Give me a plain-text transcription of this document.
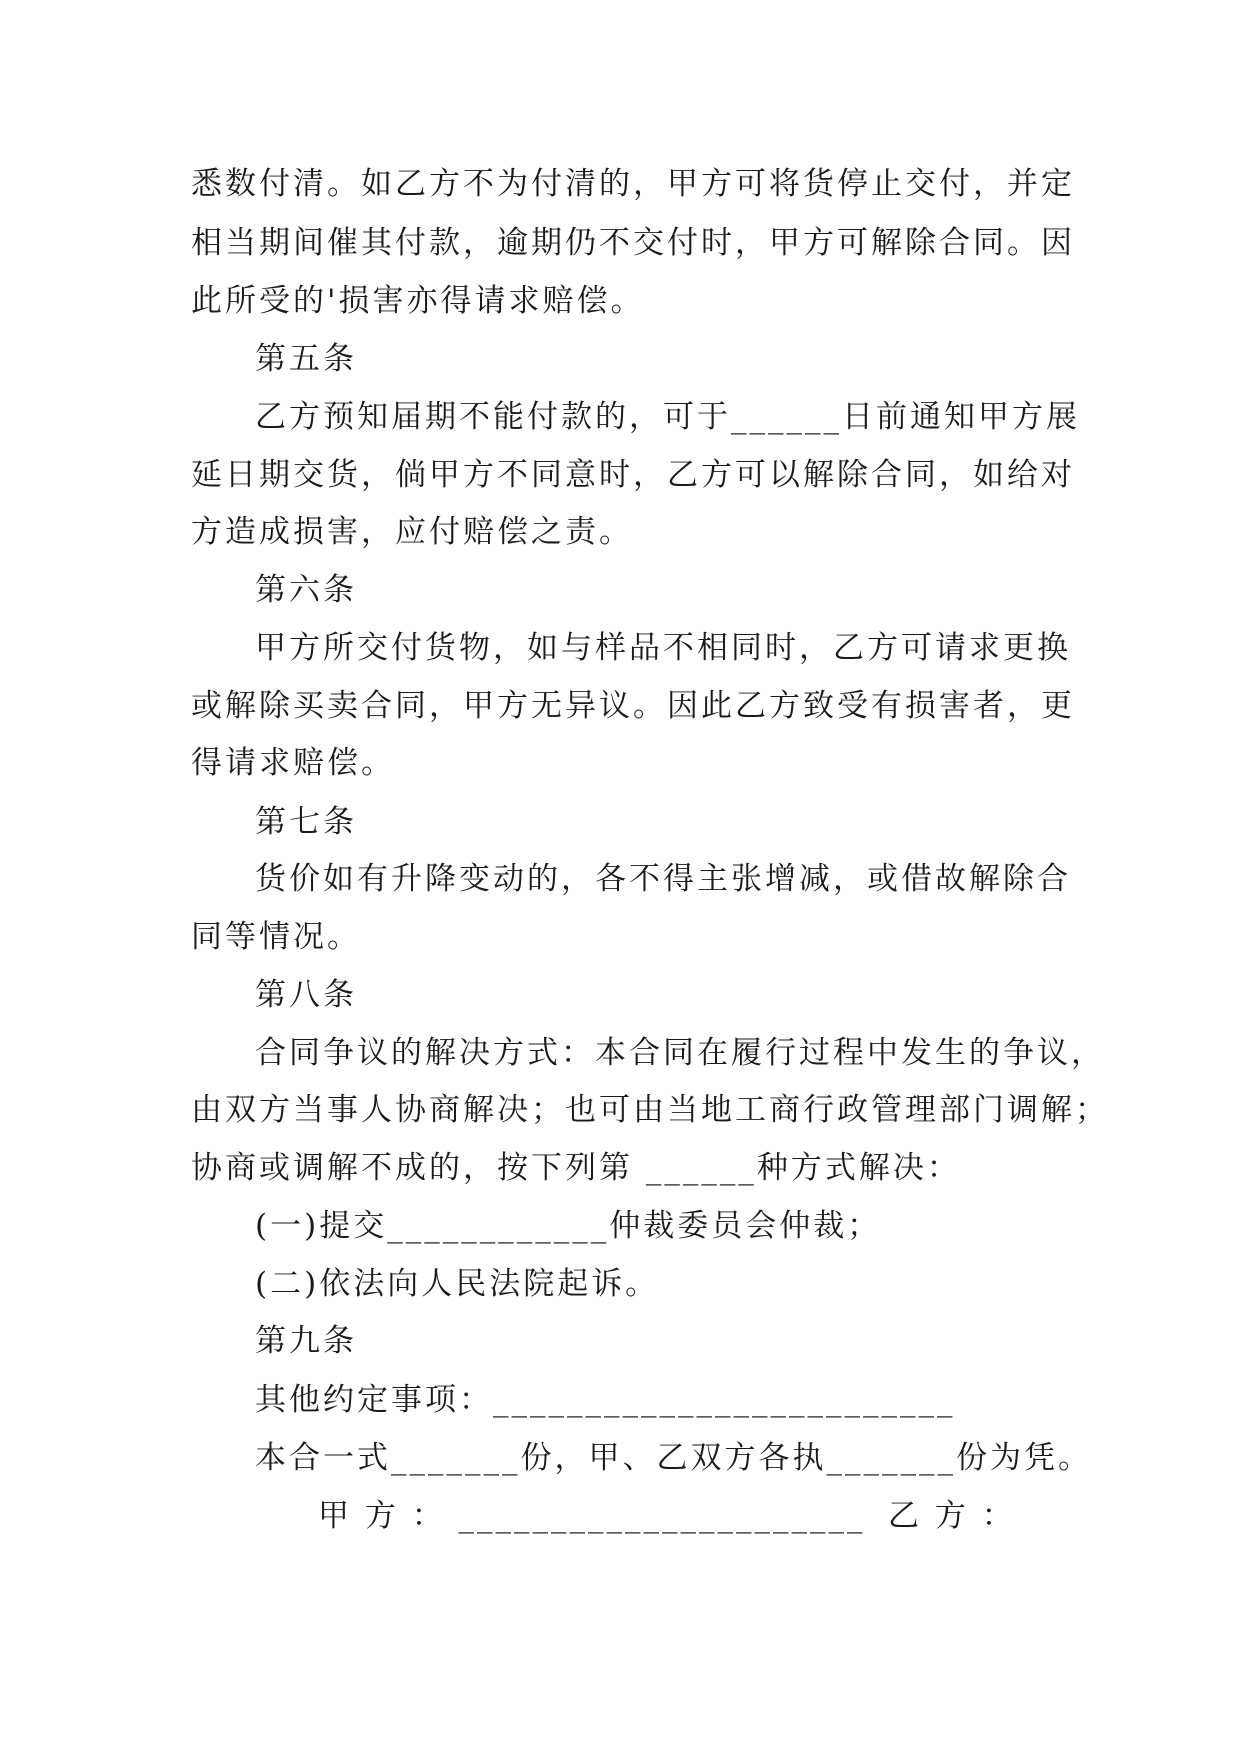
悉数付清。如乙方不为付清的，甲方可将货停止交付，并定
相当期间催其付款，逾期仍不交付时，甲方可解除合同。因
此所受的'损害亦得请求赔偿。
第五条
乙方预知届期不能付款的，可于______日前通知甲方展
延日期交货，倘甲方不同意时，乙方可以解除合同，如给对
方造成损害，应付赔偿之责。
第六条
甲方所交付货物，如与样品不相同时，乙方可请求更换
或解除买卖合同，甲方无异议。因此乙方致受有损害者，更
得请求赔偿。
第七条
货价如有升降变动的，各不得主张增减，或借故解除合
同等情况。
第八条
合同争议的解决方式：本合同在履行过程中发生的争议，
由双方当事人协商解决；也可由当地工商行政管理部门调解；
协商或调解不成的，按下列第 ______种方式解决：
(一)提交____________仲裁委员会仲裁；
(二)依法向人民法院起诉。
第九条
其他约定事项：_________________________
本合一式_______份，甲、乙双方各执_______份为凭。
甲 方 ： ______________________ 乙 方 ：
